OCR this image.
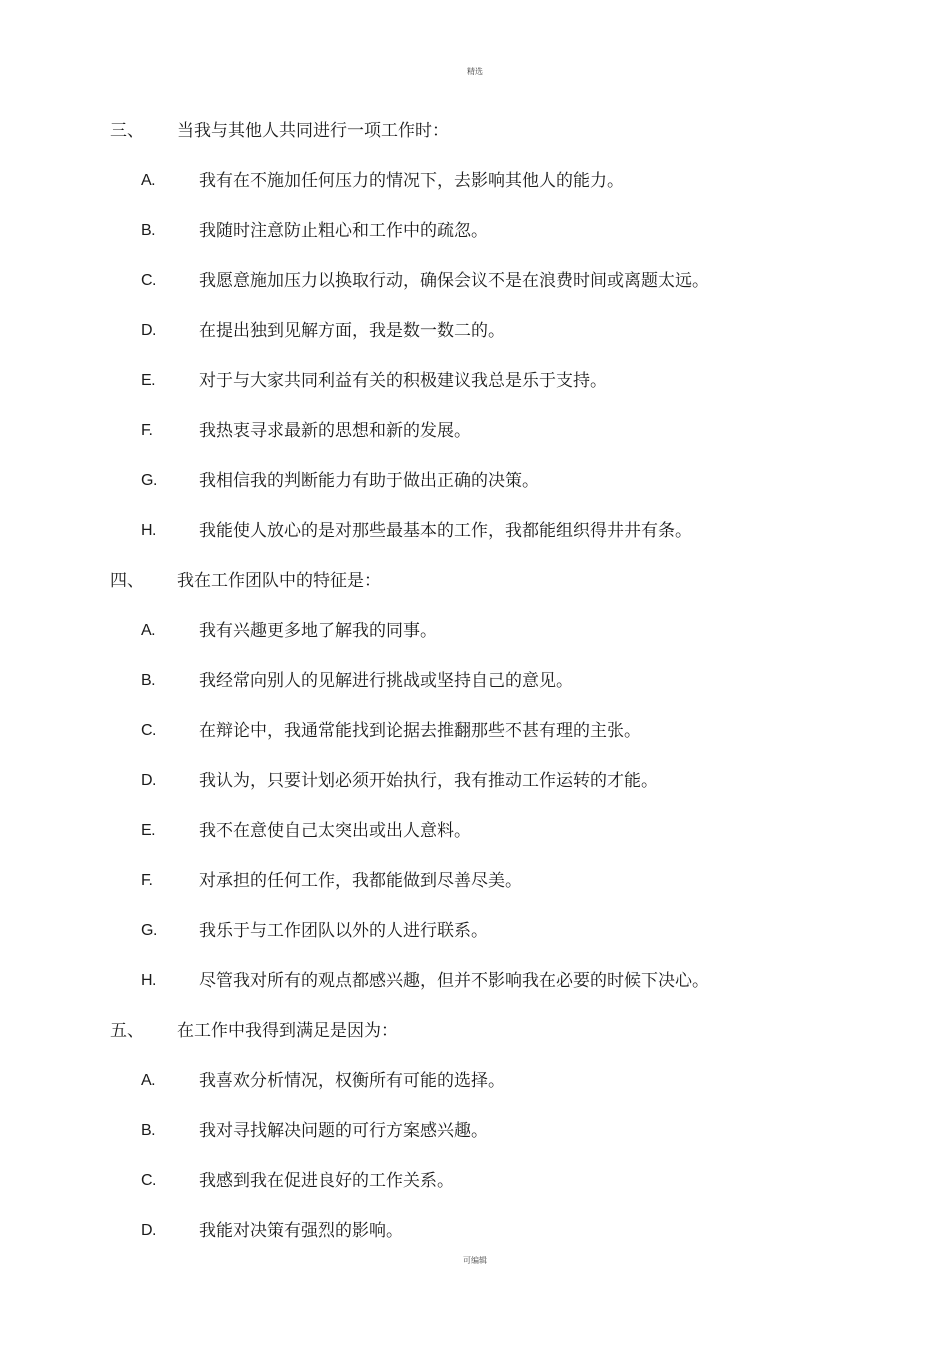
精选
三、 当我与其他人共同进行一项工作时：
A.	我有在不施加任何压力的情况下，去影响其他人的能力。
B.	我随时注意防止粗心和工作中的疏忽。
C.	我愿意施加压力以换取行动，确保会议不是在浪费时间或离题太远。
D.	在提出独到见解方面，我是数一数二的。
E.	对于与大家共同利益有关的积极建议我总是乐于支持。
F.	我热衷寻求最新的思想和新的发展。
G. 我相信我的判断能力有助于做出正确的决策。
H.	我能使人放心的是对那些最基本的工作，我都能组织得井井有条。
四、 我在工作团队中的特征是：
A.	我有兴趣更多地了解我的同事。
B.	我经常向别人的见解进行挑战或坚持自己的意见。
C.	在辩论中，我通常能找到论据去推翻那些不甚有理的主张。
D.	我认为，只要计划必须开始执行，我有推动工作运转的才能。
E.	我不在意使自己太突出或出人意料。
F.	对承担的任何工作，我都能做到尽善尽美。
G. 我乐于与工作团队以外的人进行联系。
H.	尽管我对所有的观点都感兴趣，但并不影响我在必要的时候下决心。
五、 在工作中我得到满足是因为：
A.	我喜欢分析情况，权衡所有可能的选择。
B.	我对寻找解决问题的可行方案感兴趣。
C.	我感到我在促进良好的工作关系。
D.	我能对决策有强烈的影响。
可编辑
